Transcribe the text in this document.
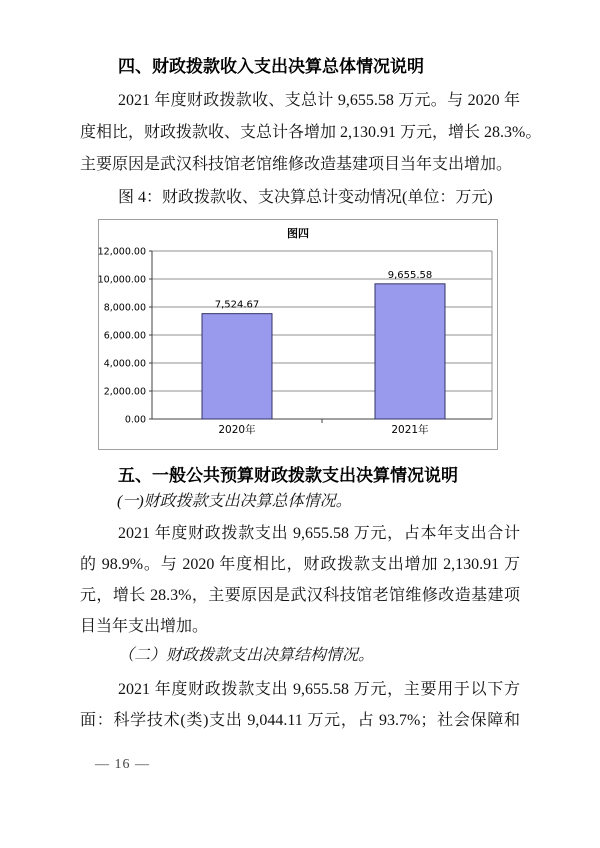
四、财政拨款收入支出决算总体情况说明
2021 年度财政拨款收、支总计 9,655.58 万元。与 2020 年
度相比，财政拨款收、支总计各增加 2,130.91 万元，增长 28.3%。
主要原因是武汉科技馆老馆维修改造基建项目当年支出增加。
图 4：财政拨款收、支决算总计变动情况(单位：万元)
图四
0.00
2,000.00
4,000.00
6,000.00
8,000.00
10,000.00
12,000.00
7,524.67
2020年
9,655.58
2021年
五、一般公共预算财政拨款支出决算情况说明
(一)财政拨款支出决算总体情况。
2021 年度财政拨款支出 9,655.58 万元，占本年支出合计
的 98.9%。与 2020 年度相比，财政拨款支出增加 2,130.91 万
元，增长 28.3%，主要原因是武汉科技馆老馆维修改造基建项
目当年支出增加。
（二）财政拨款支出决算结构情况。
2021 年度财政拨款支出 9,655.58 万元，主要用于以下方
面：科学技术(类)支出 9,044.11 万元，占 93.7%；社会保障和
— 16 —
